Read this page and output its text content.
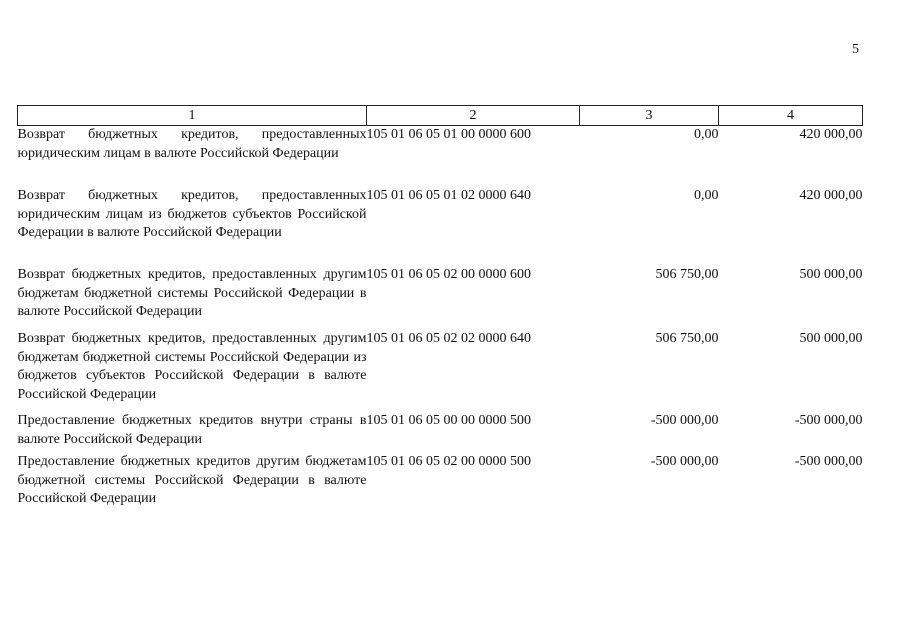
5
1	2	3	4
Возврат бюджетных кредитов, предоставленных юридическим лицам в валюте Российской Федерации	105 01 06 05 01 00 0000 600	0,00	420 000,00
Возврат бюджетных кредитов, предоставленных юридическим лицам из бюджетов субъектов Российской Федерации в валюте Российской Федерации	105 01 06 05 01 02 0000 640	0,00	420 000,00
Возврат бюджетных кредитов, предоставленных другим бюджетам бюджетной системы Российской Федерации в валюте Российской Федерации	105 01 06 05 02 00 0000 600	506 750,00	500 000,00
Возврат бюджетных кредитов, предоставленных другим бюджетам бюджетной системы Российской Федерации из бюджетов субъектов Российской Федерации в валюте Российской Федерации	105 01 06 05 02 02 0000 640	506 750,00	500 000,00
Предоставление бюджетных кредитов внутри страны в валюте Российской Федерации	105 01 06 05 00 00 0000 500	-500 000,00	-500 000,00
Предоставление бюджетных кредитов другим бюджетам бюджетной системы Российской Федерации в валюте Российской Федерации	105 01 06 05 02 00 0000 500	-500 000,00	-500 000,00
